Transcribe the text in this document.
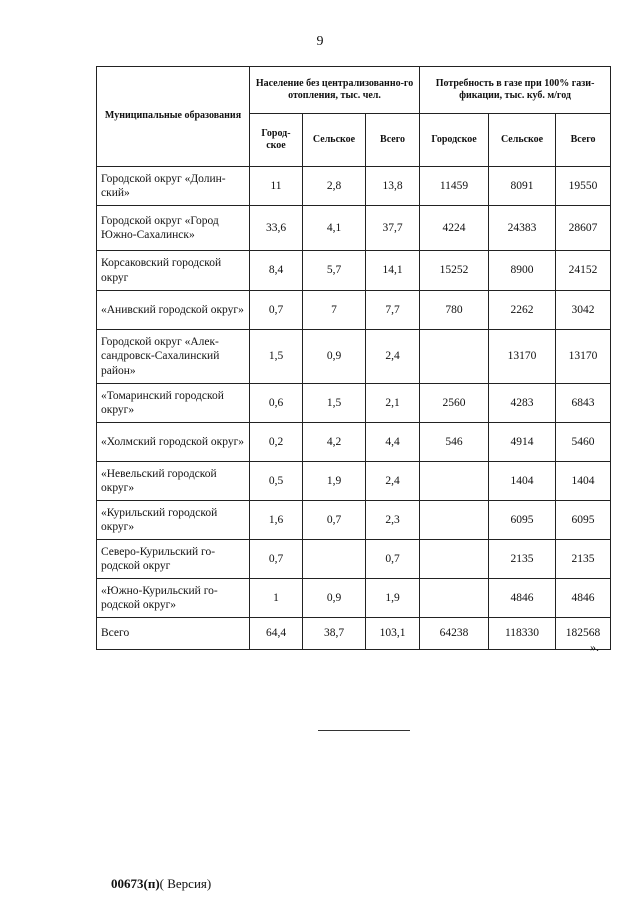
9
Муниципальные образования	Население без централизованно-го отопления, тыс. чел.			Потребность в газе при 100% гази-фикации, тыс. куб. м/год		
	Город-ское	Сельское	Всего	Городское	Сельское	Всего
Городской округ «Долин-ский»	11	2,8	13,8	11459	8091	19550
Городской округ «Город Южно-Сахалинск»	33,6	4,1	37,7	4224	24383	28607
Корсаковский городской округ	8,4	5,7	14,1	15252	8900	24152
«Анивский городской округ»	0,7	7	7,7	780	2262	3042
Городской округ «Алек-сандровск-Сахалинский район»	1,5	0,9	2,4		13170	13170
«Томаринский городской округ»	0,6	1,5	2,1	2560	4283	6843
«Холмский городской округ»	0,2	4,2	4,4	546	4914	5460
«Невельский городской округ»	0,5	1,9	2,4		1404	1404
«Курильский городской округ»	1,6	0,7	2,3		6095	6095
Северо-Курильский го-родской округ	0,7		0,7		2135	2135
«Южно-Курильский го-родской округ»	1	0,9	1,9		4846	4846
Всего	64,4	38,7	103,1	64238	118330	182568
».
00673(п)( Версия)
